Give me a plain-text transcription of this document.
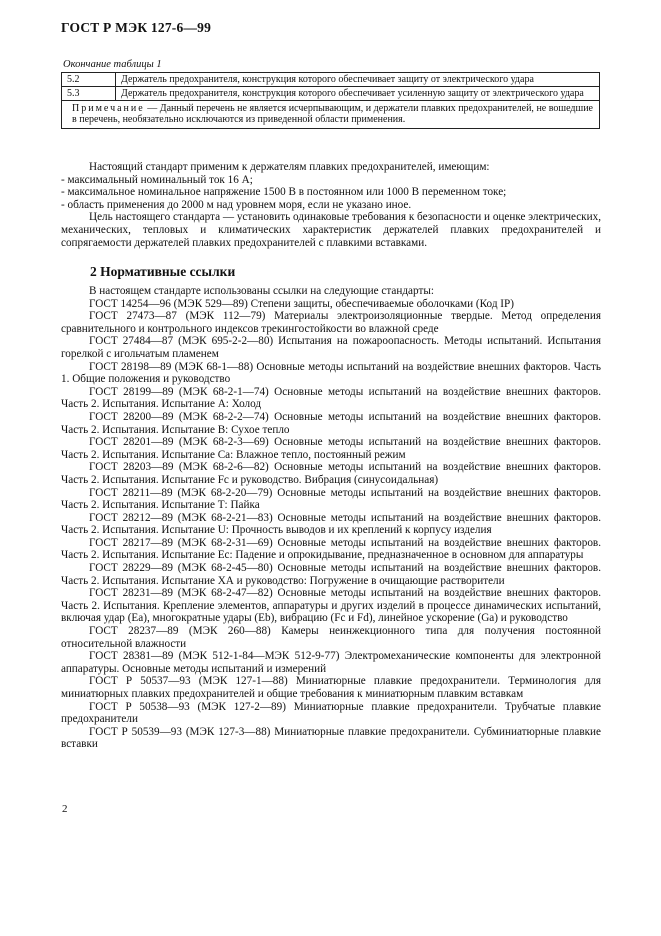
ГОСТ Р МЭК 127-6—99
Окончание таблицы 1
5.2	Держатель предохранителя, конструкция которого обеспечивает защиту от электрического удара
5.3	Держатель предохранителя, конструкция которого обеспечивает усиленную защиту от электрического удара
Примечание — Данный перечень не является исчерпывающим, и держатели плавких предохранителей, не вошедшие в перечень, необязательно исключаются из приведенной области применения.	

Настоящий стандарт применим к держателям плавких предохранителей, имеющим:

- максимальный номинальный ток 16 А;

- максимальное номинальное напряжение 1500 В в постоянном или 1000 В переменном токе;

- область применения до 2000 м над уровнем моря, если не указано иное.

Цель настоящего стандарта — установить одинаковые требования к безопасности и оценке электрических, механических, тепловых и климатических характеристик держателей плавких предохранителей и сопрягаемости держателей плавких предохранителей с плавкими вставками.

2 Нормативные ссылки

В настоящем стандарте использованы ссылки на следующие стандарты:

ГОСТ 14254—96 (МЭК 529—89) Степени защиты, обеспечиваемые оболочками (Код IP)

ГОСТ 27473—87 (МЭК 112—79) Материалы электроизоляционные твердые. Метод определения сравнительного и контрольного индексов трекингостойкости во влажной среде

ГОСТ 27484—87 (МЭК 695-2-2—80) Испытания на пожароопасность. Методы испытаний. Испытания горелкой с игольчатым пламенем

ГОСТ 28198—89 (МЭК 68-1—88) Основные методы испытаний на воздействие внешних факторов. Часть 1. Общие положения и руководство

ГОСТ 28199—89 (МЭК 68-2-1—74) Основные методы испытаний на воздействие внешних факторов. Часть 2. Испытания. Испытание А: Холод

ГОСТ 28200—89 (МЭК 68-2-2—74) Основные методы испытаний на воздействие внешних факторов. Часть 2. Испытания. Испытание В: Сухое тепло

ГОСТ 28201—89 (МЭК 68-2-3—69) Основные методы испытаний на воздействие внешних факторов. Часть 2. Испытания. Испытание Са: Влажное тепло, постоянный режим

ГОСТ 28203—89 (МЭК 68-2-6—82) Основные методы испытаний на воздействие внешних факторов. Часть 2. Испытания. Испытание Fc и руководство. Вибрация (синусоидальная)

ГОСТ 28211—89 (МЭК 68-2-20—79) Основные методы испытаний на воздействие внешних факторов. Часть 2. Испытания. Испытание Т: Пайка

ГОСТ 28212—89 (МЭК 68-2-21—83) Основные методы испытаний на воздействие внешних факторов. Часть 2. Испытания. Испытание U: Прочность выводов и их креплений к корпусу изделия

ГОСТ 28217—89 (МЭК 68-2-31—69) Основные методы испытаний на воздействие внешних факторов. Часть 2. Испытания. Испытание Ес: Падение и опрокидывание, предназначенное в основном для аппаратуры

ГОСТ 28229—89 (МЭК 68-2-45—80) Основные методы испытаний на воздействие внешних факторов. Часть 2. Испытания. Испытание ХА и руководство: Погружение в очищающие растворители

ГОСТ 28231—89 (МЭК 68-2-47—82) Основные методы испытаний на воздействие внешних факторов. Часть 2. Испытания. Крепление элементов, аппаратуры и других изделий в процессе динамических испытаний, включая удар (Еа), многократные удары (Eb), вибрацию (Fc и Fd), линейное ускорение (Ga) и руководство

ГОСТ 28237—89 (МЭК 260—88) Камеры неинжекционного типа для получения постоянной относительной влажности

ГОСТ 28381—89 (МЭК 512-1-84—МЭК 512-9-77) Электромеханические компоненты для электронной аппаратуры. Основные методы испытаний и измерений

ГОСТ Р 50537—93 (МЭК 127-1—88) Миниатюрные плавкие предохранители. Терминология для миниатюрных плавких предохранителей и общие требования к миниатюрным плавким вставкам

ГОСТ Р 50538—93 (МЭК 127-2—89) Миниатюрные плавкие предохранители. Трубчатые плавкие предохранители

ГОСТ Р 50539—93 (МЭК 127-3—88) Миниатюрные плавкие предохранители. Субминиатюрные плавкие вставки

2
